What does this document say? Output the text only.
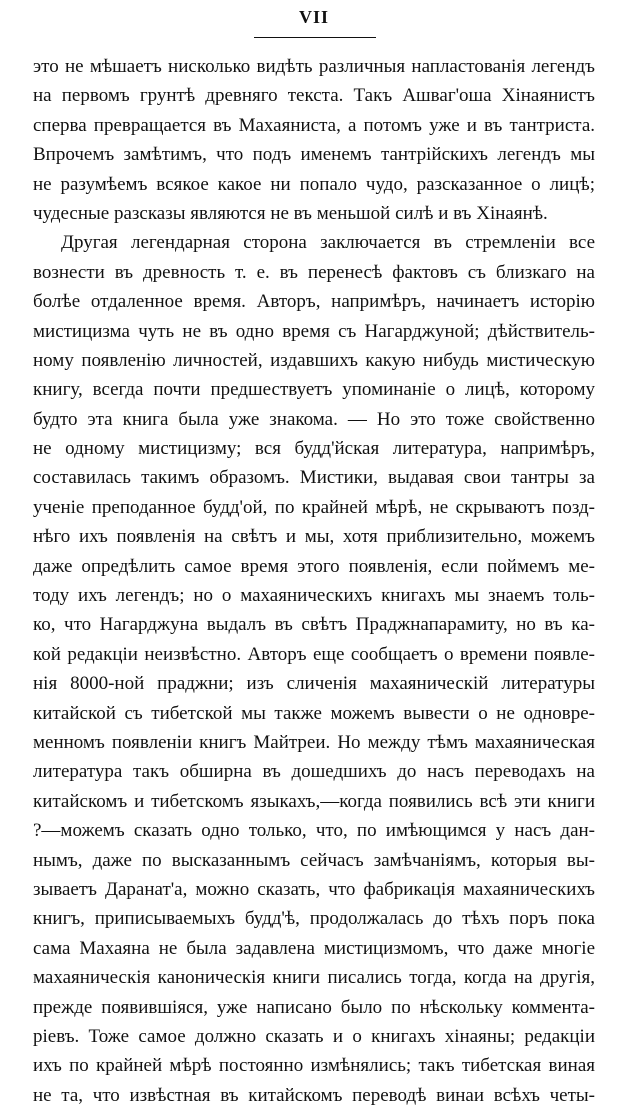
VII
это не мѣшаетъ нисколько видѣть различныя напластованія легендъ
на первомъ грунтѣ древняго текста. Такъ Ашваг'оша Хінаянистъ
сперва превращается въ Махаяниста, а потомъ уже и въ тантриста.
Впрочемъ замѣтимъ, что подъ именемъ тантрійскихъ легендъ мы
не разумѣемъ всякое какое ни попало чудо, разсказанное о лицѣ;
чудесные разсказы являются не въ меньшой силѣ и въ Хінаянѣ.
Другая легендарная сторона заключается въ стремленіи все
вознести въ древность т. е. въ перенесѣ фактовъ съ близкаго на
болѣе отдаленное время. Авторъ, напримѣръ, начинаетъ исторію
мистицизма чуть не въ одно время съ Нагарджуной; дѣйствитель-
ному появленію личностей, издавшихъ какую нибудь мистическую
книгу, всегда почти предшествуетъ упоминаніе о лицѣ, которому
будто эта книга была уже знакома. — Но это тоже свойственно
не одному мистицизму; вся будд'йская литература, напримѣръ,
составилась такимъ образомъ. Мистики, выдавая свои тантры за
ученіе преподанное будд'ой, по крайней мѣрѣ, не скрываютъ позд-
нѣго ихъ появленія на свѣтъ и мы, хотя приблизительно, можемъ
даже опредѣлить самое время этого появленія, если поймемъ ме-
тоду ихъ легендъ; но о махаяническихъ книгахъ мы знаемъ толь-
ко, что Нагарджуна выдалъ въ свѣтъ Праджнапарамиту, но въ ка-
кой редакціи неизвѣстно. Авторъ еще сообщаетъ о времени появле-
нія 8000-ной праджни; изъ сличенія махаяническій литературы
китайской съ тибетской мы также можемъ вывести о не одновре-
менномъ появленіи книгъ Майтреи. Но между тѣмъ махаяническая
литература такъ обширна въ дошедшихъ до насъ переводахъ на
китайскомъ и тибетскомъ языкахъ,—когда появились всѣ эти книги
?—можемъ сказать одно только, что, по имѣющимся у насъ дан-
нымъ, даже по высказаннымъ сейчасъ замѣчаніямъ, которыя вы-
зываетъ Даранат'а, можно сказать, что фабрикація махаяническихъ
книгъ, приписываемыхъ будд'ѣ, продолжалась до тѣхъ поръ пока
сама Махаяна не была задавлена мистицизмомъ, что даже многіе
махаяническія каноническія книги писались тогда, когда на другія,
прежде появившіяся, уже написано было по нѣскольку коммента-
ріевъ. Тоже самое должно сказать и о книгахъ хінаяны; редакціи
ихъ по крайней мѣрѣ постоянно измѣнялись; такъ тибетская виная
не та, что извѣстная въ китайскомъ переводѣ винаи всѣхъ четы-
